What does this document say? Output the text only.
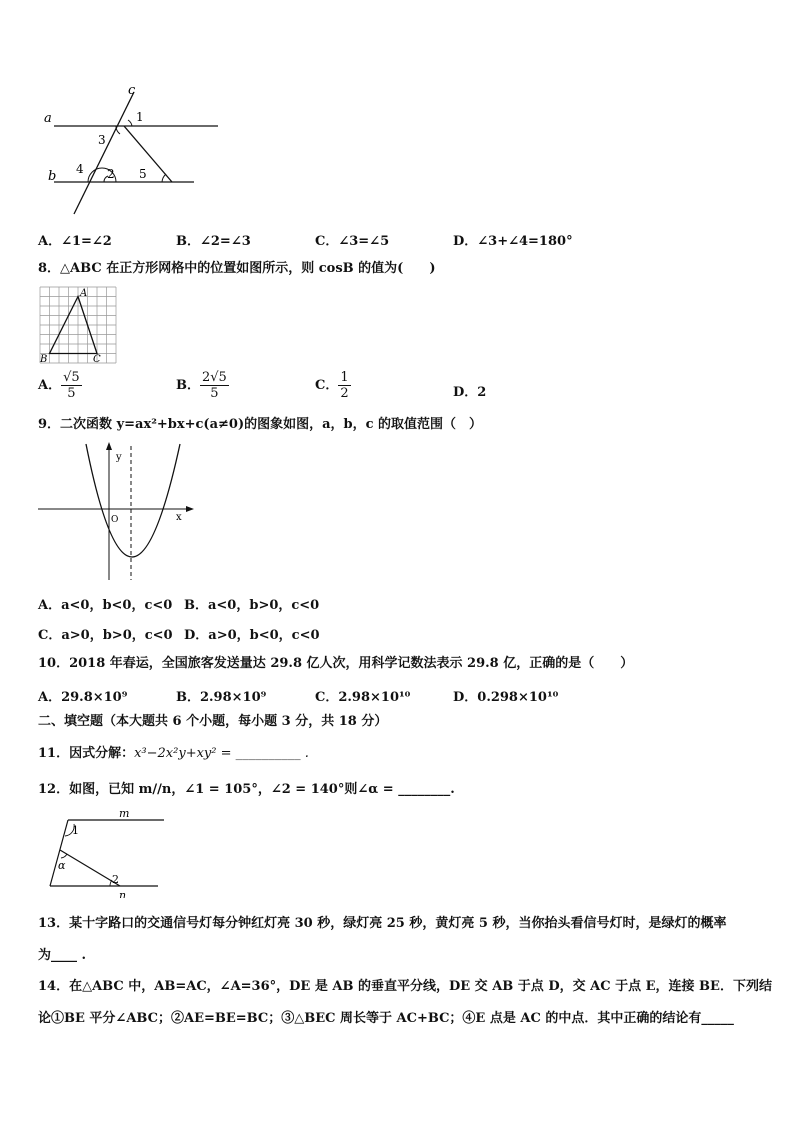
a
b
c
1
3
4 2 5
A．∠1=∠2	B．∠2=∠3	C．∠3=∠5	D．∠3+∠4=180°
8．△ABC 在正方形网格中的位置如图所示，则 cosB 的值为(　　)
A
B	C
A． $\frac{√5}{5}$	B． $\frac{2√5}{5}$	C． $\frac{1}{2}$	D．2
9．二次函数 y=ax²+bx+c(a≠0)的图象如图，a，b，c 的取值范围（　）
y
x
O
A．a<0，b<0，c<0 B．a<0，b>0，c<0
C．a>0，b>0，c<0 D．a>0，b<0，c<0
10．2018 年春运，全国旅客发送量达 29.8 亿人次，用科学记数法表示 29.8 亿，正确的是（　　）
A．29.8×10⁹	B．2.98×10⁹	C．2.98×10¹⁰	D．0.298×10¹⁰
二、填空题（本大题共 6 个小题，每小题 3 分，共 18 分）
11．因式分解：x³−2x²y+xy² = __________ .
12．如图，已知 m//n，∠1 = 105°，∠2 = 140°则∠α = ________.
m
n
1
α
2
13．某十字路口的交通信号灯每分钟红灯亮 30 秒，绿灯亮 25 秒，黄灯亮 5 秒，当你抬头看信号灯时，是绿灯的概率
为____ .
14．在△ABC 中，AB=AC，∠A=36°，DE 是 AB 的垂直平分线，DE 交 AB 于点 D，交 AC 于点 E，连接 BE．下列结
论①BE 平分∠ABC；②AE=BE=BC；③△BEC 周长等于 AC+BC；④E 点是 AC 的中点．其中正确的结论有_____
